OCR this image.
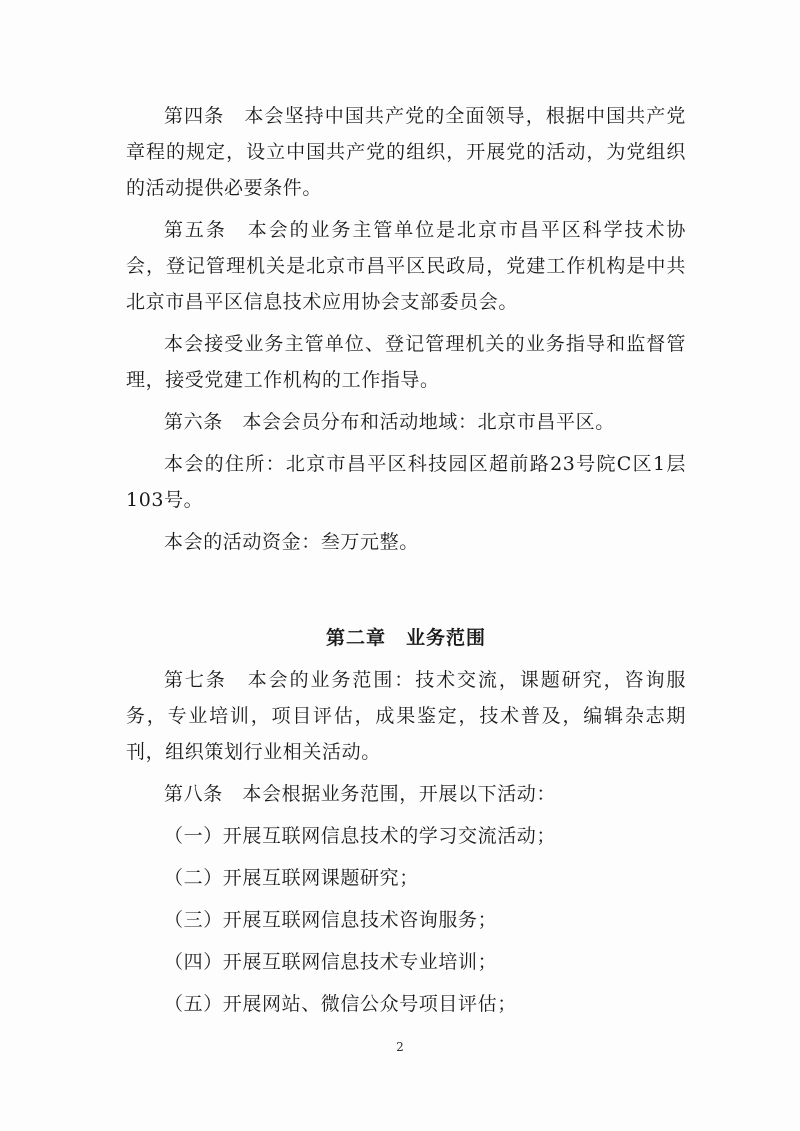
第四条　本会坚持中国共产党的全面领导，根据中国共产党章程的规定，设立中国共产党的组织，开展党的活动，为党组织的活动提供必要条件。

第五条　本会的业务主管单位是北京市昌平区科学技术协会，登记管理机关是北京市昌平区民政局，党建工作机构是中共北京市昌平区信息技术应用协会支部委员会。

本会接受业务主管单位、登记管理机关的业务指导和监督管理，接受党建工作机构的工作指导。

第六条　本会会员分布和活动地域：北京市昌平区。

本会的住所：北京市昌平区科技园区超前路23号院C区1层103号。

本会的活动资金：叁万元整。

第二章　业务范围

第七条　本会的业务范围：技术交流，课题研究，咨询服务，专业培训，项目评估，成果鉴定，技术普及，编辑杂志期刊，组织策划行业相关活动。

第八条　本会根据业务范围，开展以下活动：

（一）开展互联网信息技术的学习交流活动；

（二）开展互联网课题研究；

（三）开展互联网信息技术咨询服务；

（四）开展互联网信息技术专业培训；

（五）开展网站、微信公众号项目评估；

2
